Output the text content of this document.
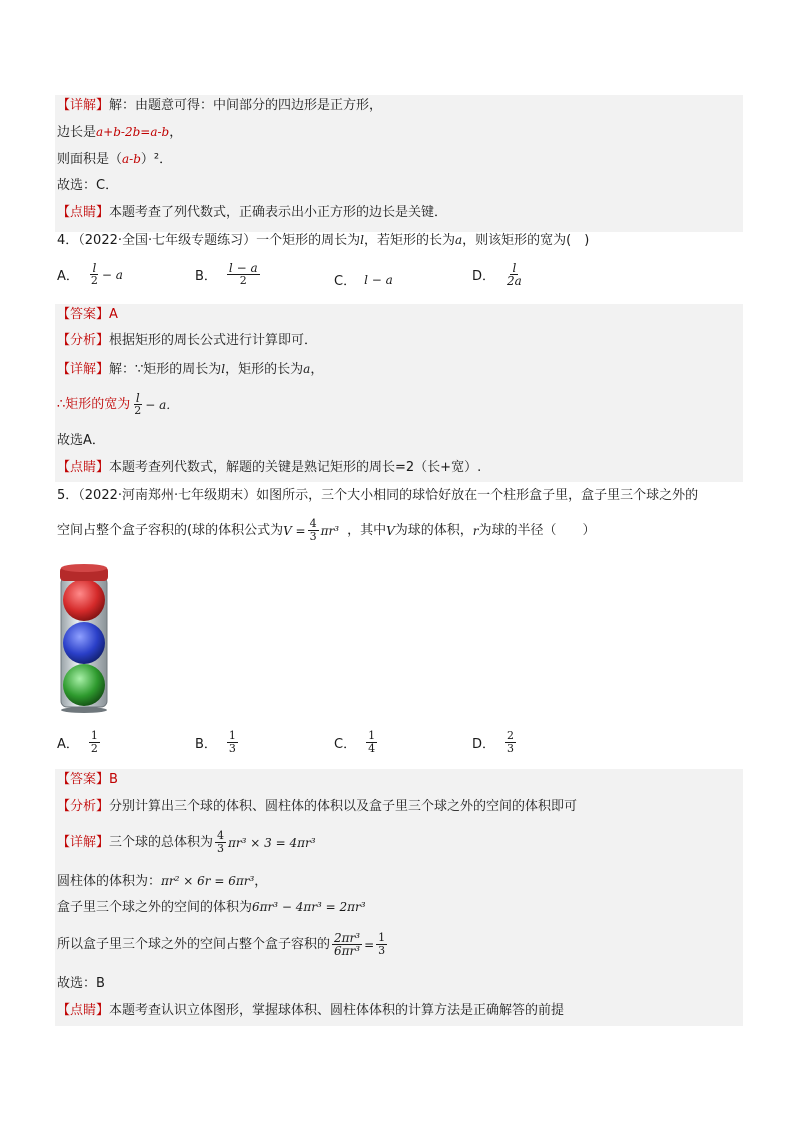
【详解】解：由题意可得：中间部分的四边形是正方形，
边长是a+b-2b=a-b，
则面积是（a-b）²．
故选：C．
【点睛】本题考查了列代数式，正确表示出小正方形的边长是关键．
4．（2022·全国·七年级专题练习）一个矩形的周长为l，若矩形的长为a，则该矩形的宽为(　)
A． $\frac{l}{2} - a$	B． $\frac{l - a}{2}$	C． l − a	D． $\frac{l}{2a}$
【答案】A
【分析】根据矩形的周长公式进行计算即可．
【详解】解：∵矩形的周长为l，矩形的长为a，
∴矩形的宽为 $\frac{l}{2} - a$．
故选A．
【点睛】本题考查列代数式，解题的关键是熟记矩形的周长=2（长+宽）.
5．（2022·河南郑州·七年级期末）如图所示，三个大小相同的球恰好放在一个柱形盒子里，盒子里三个球之外的
空间占整个盒子容积的(球的体积公式为 $V = \frac{4}{3} \pi r^3$ ，其中 V 为球的体积， r 为球的半径（　　）
A． $\frac{1}{2}$	B． $\frac{1}{3}$	C． $\frac{1}{4}$	D． $\frac{2}{3}$
【答案】B
【分析】分别计算出三个球的体积、圆柱体的体积以及盒子里三个球之外的空间的体积即可
【详解】 三个球的总体积为 $\frac{4}{3} \pi r^3 \times 3 = 4\pi r^3$
圆柱体的体积为：πr² × 6r = 6πr³，
盒子里三个球之外的空间的体积为6πr³ − 4πr³ = 2πr³
所以盒子里三个球之外的空间占整个盒子容积的 $\frac{\text{2πr³}}{\text{6πr³}} = \frac{1}{3}$
故选：B
【点睛】本题考查认识立体图形，掌握球体积、圆柱体体积的计算方法是正确解答的前提
